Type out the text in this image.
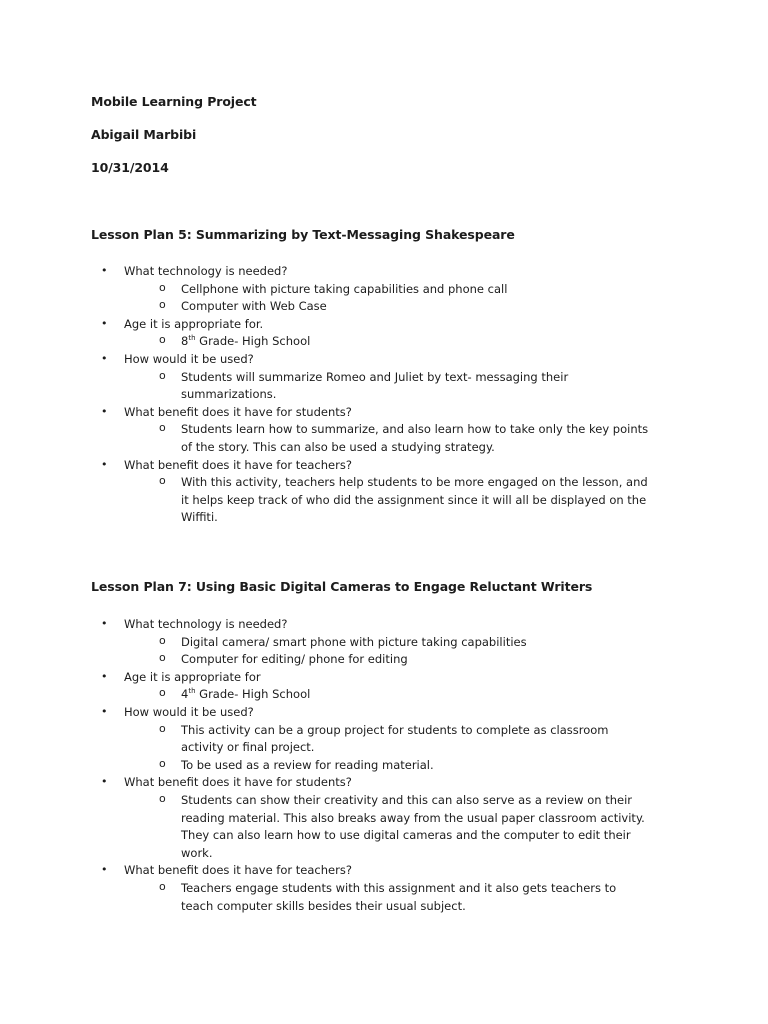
Mobile Learning Project
Abigail Marbibi
10/31/2014
Lesson Plan 5: Summarizing by Text-Messaging Shakespeare
• What technology is needed?
o Cellphone with picture taking capabilities and phone call
o Computer with Web Case
• Age it is appropriate for.
o 8th Grade- High School
• How would it be used?
o Students will summarize Romeo and Juliet by text- messaging their
summarizations.
• What benefit does it have for students?
o Students learn how to summarize, and also learn how to take only the key points
of the story. This can also be used a studying strategy.
• What benefit does it have for teachers?
o With this activity, teachers help students to be more engaged on the lesson, and
it helps keep track of who did the assignment since it will all be displayed on the
Wiffiti.
Lesson Plan 7: Using Basic Digital Cameras to Engage Reluctant Writers
• What technology is needed?
o Digital camera/ smart phone with picture taking capabilities
o Computer for editing/ phone for editing
• Age it is appropriate for
o 4th Grade- High School
• How would it be used?
o This activity can be a group project for students to complete as classroom
activity or final project.
o To be used as a review for reading material.
• What benefit does it have for students?
o Students can show their creativity and this can also serve as a review on their
reading material. This also breaks away from the usual paper classroom activity.
They can also learn how to use digital cameras and the computer to edit their
work.
• What benefit does it have for teachers?
o Teachers engage students with this assignment and it also gets teachers to
teach computer skills besides their usual subject.
